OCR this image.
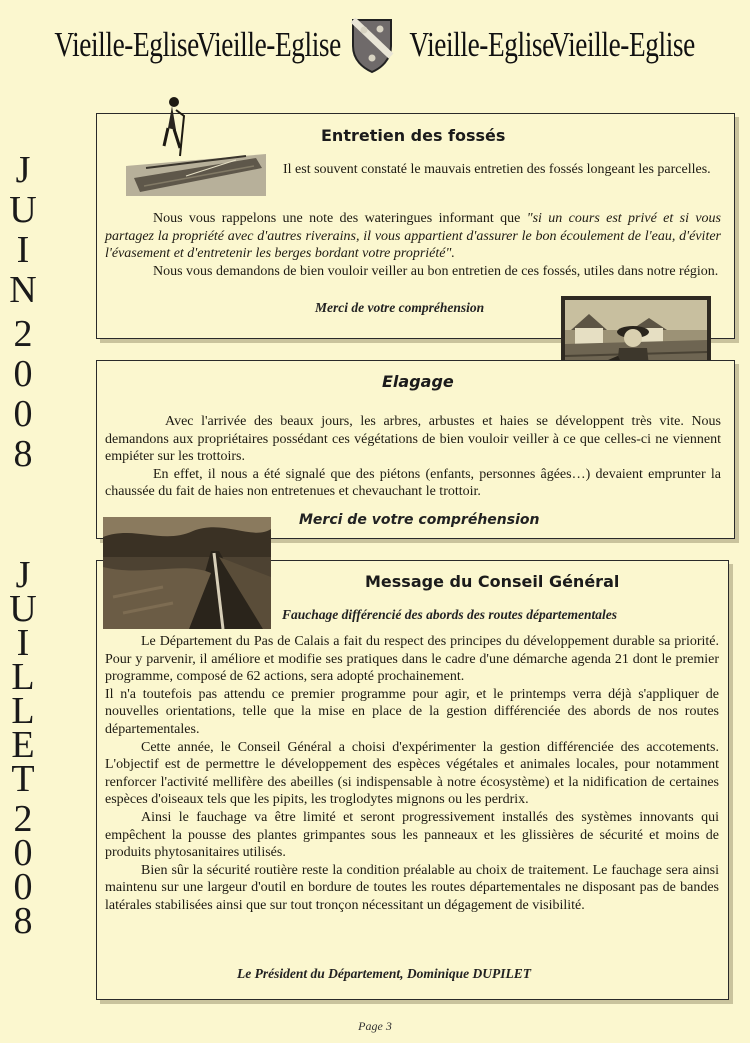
Vieille-Eglise
Vieille-Eglise Vieille-Eglise
Vieille-Eglise
J
U
I
N
2
0
0
8
J
U
I
L
L
E
T
2
0
0
8
Entretien des fossés

Il est souvent constaté le mauvais entretien des fossés longeant les parcelles.

Nous vous rappelons une note des wateringues informant que "si un cours est privé et si vous partagez la propriété avec d'autres riverains, il vous appartient d'assurer le bon écoulement de l'eau, d'éviter l'évasement et d'entretenir les berges bordant votre propriété".

Nous vous demandons de bien vouloir veiller au bon entretien de ces fossés, utiles dans notre région.

Merci de votre compréhension
Elagage

Avec l'arrivée des beaux jours, les arbres, arbustes et haies se développent très vite. Nous demandons aux propriétaires possédant ces végétations de bien vouloir veiller à ce que celles-ci ne viennent empiéter sur les trottoirs.

En effet, il nous a été signalé que des piétons (enfants, personnes âgées…) devaient emprunter la chaussée du fait de haies non entretenues et chevauchant le trottoir.

Merci de votre compréhension
Message du Conseil Général
Fauchage différencié des abords des routes départementales

Le Département du Pas de Calais a fait du respect des principes du développement durable sa priorité. Pour y parvenir, il améliore et modifie ses pratiques dans le cadre d'une démarche agenda 21 dont le premier programme, composé de 62 actions, sera adopté prochainement.

Il n'a toutefois pas attendu ce premier programme pour agir, et le printemps verra déjà s'appliquer de nouvelles orientations, telle que la mise en place de la gestion différenciée des abords de nos routes départementales.

Cette année, le Conseil Général a choisi d'expérimenter la gestion différenciée des accotements. L'objectif est de permettre le développement des espèces végétales et animales locales, pour notamment renforcer l'activité mellifère des abeilles (si indispensable à notre écosystème) et la nidification de certaines espèces d'oiseaux tels que les pipits, les troglodytes mignons ou les perdrix.

Ainsi le fauchage va être limité et seront progressivement installés des systèmes innovants qui empêchent la pousse des plantes grimpantes sous les panneaux et les glissières de sécurité et moins de produits phytosanitaires utilisés.

Bien sûr la sécurité routière reste la condition préalable au choix de traitement. Le fauchage sera ainsi maintenu sur une largeur d'outil en bordure de toutes les routes départementales ne disposant pas de bandes latérales stabilisées ainsi que sur tout tronçon nécessitant un dégagement de visibilité.

Le Président du Département, Dominique DUPILET
Page 3
